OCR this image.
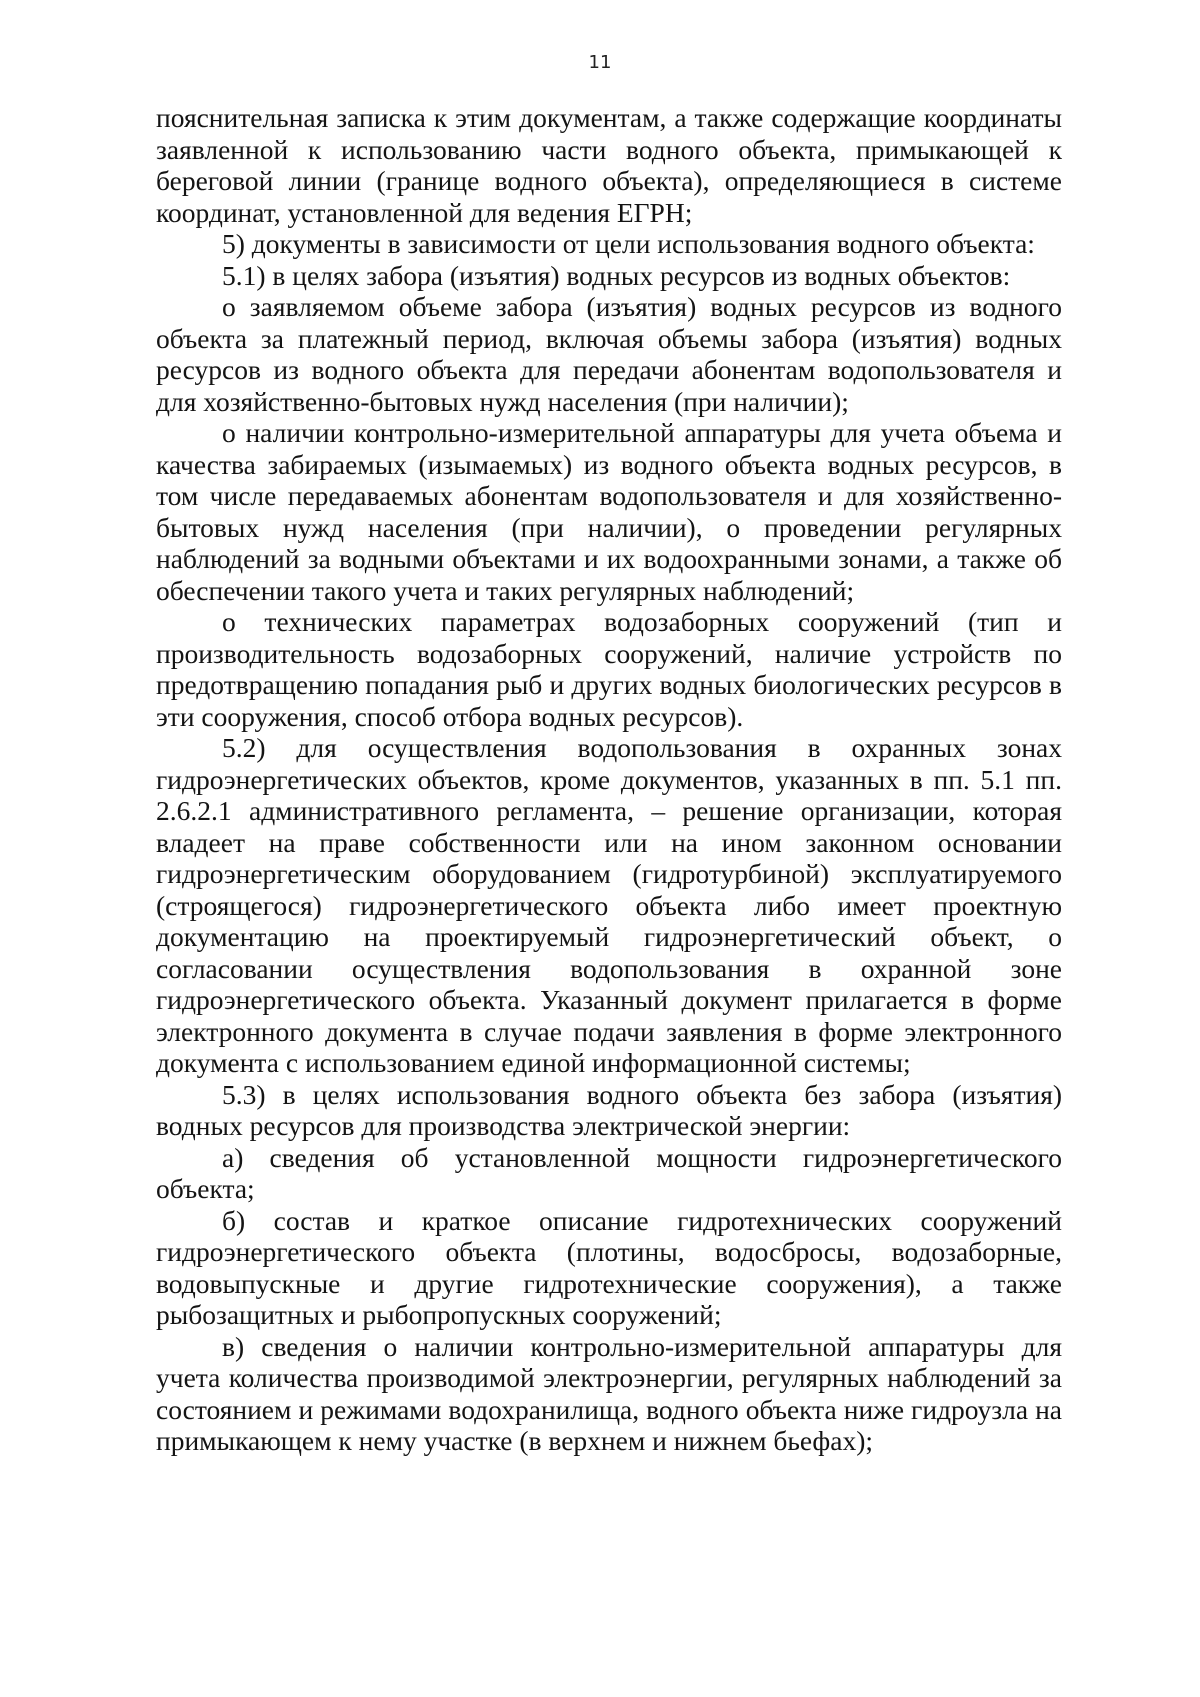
11

пояснительная записка к этим документам, а также содержащие координаты заявленной к использованию части водного объекта, примыкающей к береговой линии (границе водного объекта), определяющиеся в системе координат, установленной для ведения ЕГРН;

5) документы в зависимости от цели использования водного объекта:

5.1) в целях забора (изъятия) водных ресурсов из водных объектов:

о заявляемом объеме забора (изъятия) водных ресурсов из водного объекта за платежный период, включая объемы забора (изъятия) водных ресурсов из водного объекта для передачи абонентам водопользователя и для хозяйственно-бытовых нужд населения (при наличии);

о наличии контрольно-измерительной аппаратуры для учета объема и качества забираемых (изымаемых) из водного объекта водных ресурсов, в том числе передаваемых абонентам водопользователя и для хозяйственно-бытовых нужд населения (при наличии), о проведении регулярных наблюдений за водными объектами и их водоохранными зонами, а также об обеспечении такого учета и таких регулярных наблюдений;

о технических параметрах водозаборных сооружений (тип и производительность водозаборных сооружений, наличие устройств по предотвращению попадания рыб и других водных биологических ресурсов в эти сооружения, способ отбора водных ресурсов).

5.2) для осуществления водопользования в охранных зонах гидроэнергетических объектов, кроме документов, указанных в пп. 5.1 пп. 2.6.2.1 административного регламента, – решение организации, которая владеет на праве собственности или на ином законном основании гидроэнергетическим оборудованием (гидротурбиной) эксплуатируемого (строящегося) гидроэнергетического объекта либо имеет проектную документацию на проектируемый гидроэнергетический объект, о согласовании осуществления водопользования в охранной зоне гидроэнергетического объекта. Указанный документ прилагается в форме электронного документа в случае подачи заявления в форме электронного документа с использованием единой информационной системы;

5.3) в целях использования водного объекта без забора (изъятия) водных ресурсов для производства электрической энергии:

а) сведения об установленной мощности гидроэнергетического объекта;

б) состав и краткое описание гидротехнических сооружений гидроэнергетического объекта (плотины, водосбросы, водозаборные, водовыпускные и другие гидротехнические сооружения), а также рыбозащитных и рыбопропускных сооружений;

в) сведения о наличии контрольно-измерительной аппаратуры для учета количества производимой электроэнергии, регулярных наблюдений за состоянием и режимами водохранилища, водного объекта ниже гидроузла на примыкающем к нему участке (в верхнем и нижнем бьефах);
